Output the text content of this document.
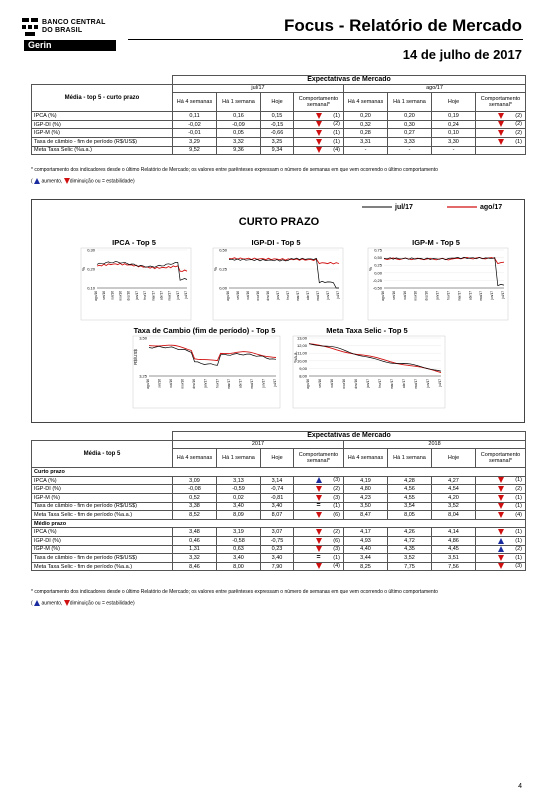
BANCO CENTRAL
DO BRASIL
Gerin
Focus - Relatório de Mercado
14 de julho de 2017
	Expectativas de Mercado							
Média - top 5 - curto prazo	jul/17				ago/17			
	Há 4 semanas	Há 1 semana	Hoje	Comportamento semanal*	Há 4 semanas	Há 1 semana	Hoje	Comportamento semanal*
IPCA (%)	0,11	0,16	0,15	(1)	0,20	0,20	0,19	(2)

IGP-DI (%)	-0,02	-0,09	-0,15	(2)	0,32	0,30	0,24	(2)

IGP-M (%)	-0,01	0,05	-0,66	(1)	0,28	0,27	0,10	(2)

Taxa de câmbio - fim de período (R$/US$)	3,29	3,32	3,25	(1)	3,31	3,33	3,30	(1)

Meta Taxa Selic (%a.a.)	9,52	9,36	9,34	(4)	-	-	-	
* comportamento dos indicadores desde o último Relatório de Mercado; os valores entre parênteses expressam o número de semanas em que vem ocorrendo o último comportamento
( aumento, diminuição ou = estabilidade)
CURTO PRAZO
jul/17	ago/17
IPCA - Top 5
%
0,30
0,20
0,10
ago/16 set/16 out/16 nov/16 dez/16 jan/17 fev/17 mar/17 abr/17 mai/17 jun/17 jul/17
IGP-DI - Top 5
%
0,50
0,25
0,00
ago/16 set/16 out/16 nov/16 dez/16 jan/17 fev/17 mar/17 abr/17 mai/17 jun/17 jul/17
IGP-M - Top 5
%
0,75
0,50
0,25
0,00
-0,25
-0,50
ago/16 set/16 out/16 nov/16 dez/16 jan/17 fev/17 mar/17 abr/17 mai/17 jun/17 jul/17
Taxa de Cambio (fim de período) - Top 5
R$/US$
3,50
3,25
ago/16 set/16 out/16 nov/16 dez/16 jan/17 fev/17 mar/17 abr/17 mai/17 jun/17 jul/17
Meta Taxa Selic - Top 5
%a.a.
13,00
12,00
11,00
10,00
9,00
8,00
ago/16	set/16	out/16	nov/16	dez/16	jan/17	fev/17	mar/17	abr/17	mai/17	jun/17	jul/17
	Expectativas de Mercado							
Média - top 5	2017				2018			
	Há 4 semanas	Há 1 semana	Hoje	Comportamento semanal*	Há 4 semanas	Há 1 semana	Hoje	Comportamento semanal*
Curto prazo								
IPCA (%)	3,09	3,13	3,14	(3)	4,19	4,28	4,27	(1)

IGP-DI (%)	-0,08	-0,59	-0,74	(2)	4,80	4,56	4,54	(2)

IGP-M (%)	0,52	0,02	-0,81	(3)	4,23	4,55	4,20	(1)

Taxa de câmbio - fim de período (R$/US$)	3,38	3,40	3,40	= (1)	3,50	3,54	3,52	(1)

Meta Taxa Selic - fim de período (%a.a.)	8,52	8,09	8,07	(6)	8,47	8,05	8,04	(4)

Médio prazo								
IPCA (%)	3,48	3,19	3,07	(2)	4,17	4,26	4,14	(1)

IGP-DI (%)	0,46	-0,58	-0,75	(6)	4,93	4,72	4,86	(1)

IGP-M (%)	1,31	0,63	0,23	(3)	4,40	4,35	4,45	(2)

Taxa de câmbio - fim de período (R$/US$)	3,32	3,40	3,40	= (1)	3,44	3,52	3,51	(1)

Meta Taxa Selic - fim de período (%a.a.)	8,46	8,00	7,90	(4)	8,25	7,75	7,56	(3)
* comportamento dos indicadores desde o último Relatório de Mercado; os valores entre parênteses expressam o número de semanas em que vem ocorrendo o último comportamento
( aumento, diminuição ou = estabilidade)
4
